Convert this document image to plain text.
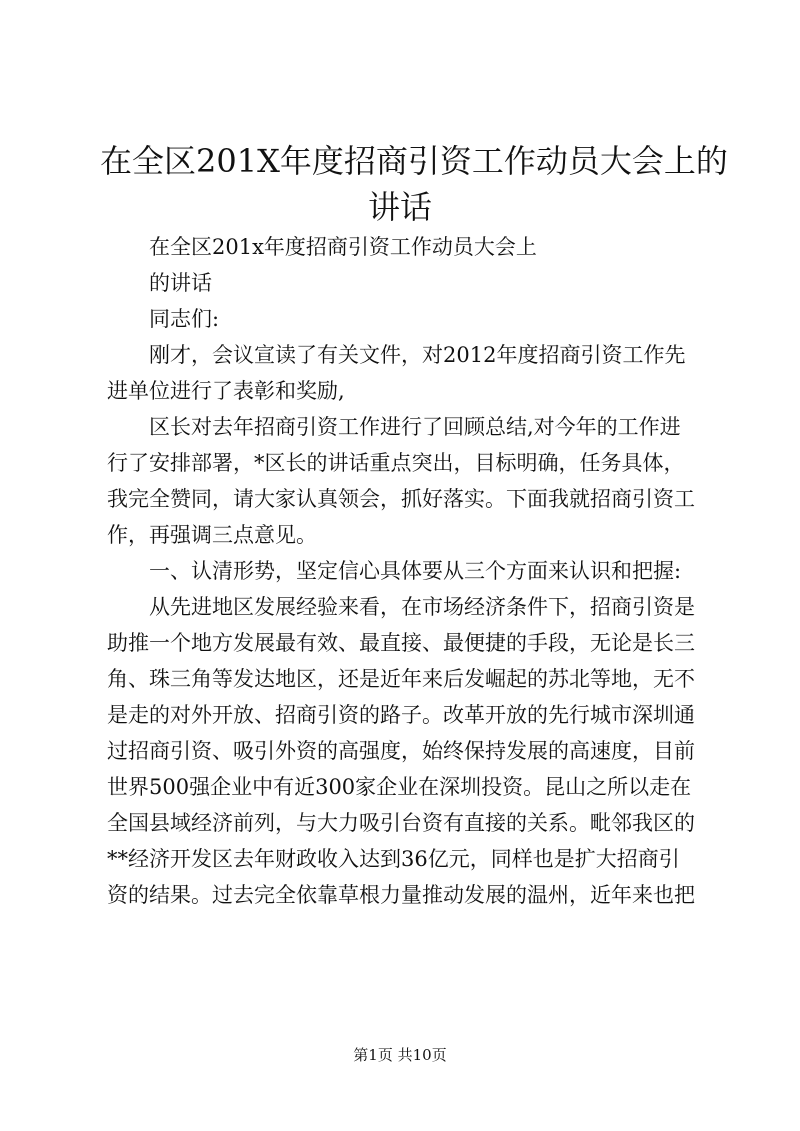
在全区201X年度招商引资工作动员大会上的
讲话

在全区201x年度招商引资工作动员大会上

的讲话

同志们:

刚才，会议宣读了有关文件，对2012年度招商引资工作先

进单位进行了表彰和奖励,

区长对去年招商引资工作进行了回顾总结,对今年的工作进

行了安排部署，*区长的讲话重点突出，目标明确，任务具体，

我完全赞同，请大家认真领会，抓好落实。下面我就招商引资工

作，再强调三点意见。

一、认清形势，坚定信心具体要从三个方面来认识和把握:

从先进地区发展经验来看，在市场经济条件下，招商引资是

助推一个地方发展最有效、最直接、最便捷的手段，无论是长三

角、珠三角等发达地区，还是近年来后发崛起的苏北等地，无不

是走的对外开放、招商引资的路子。改革开放的先行城市深圳通

过招商引资、吸引外资的高强度，始终保持发展的高速度，目前

世界500强企业中有近300家企业在深圳投资。昆山之所以走在

全国县域经济前列，与大力吸引台资有直接的关系。毗邻我区的

**经济开发区去年财政收入达到36亿元，同样也是扩大招商引

资的结果。过去完全依靠草根力量推动发展的温州，近年来也把

第1页 共10页
